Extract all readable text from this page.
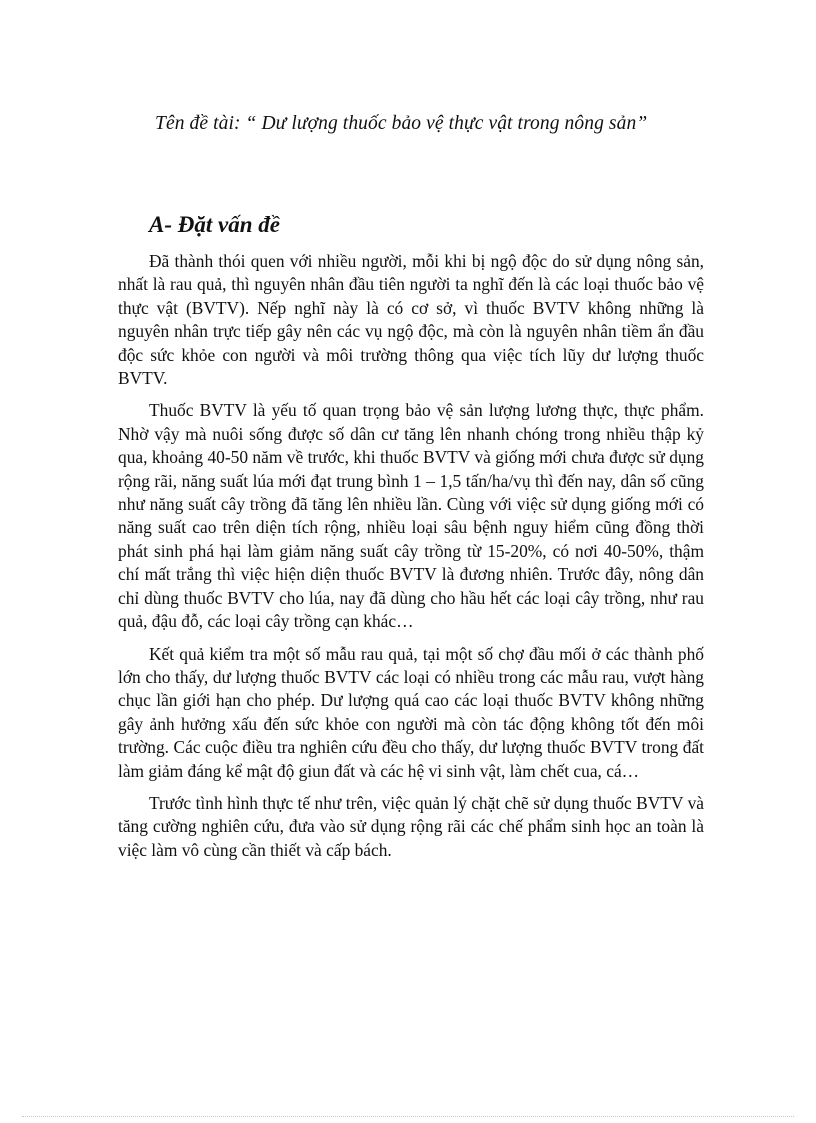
Tên đề tài: “ Dư lượng thuốc bảo vệ thực vật trong nông sản”
A- Đặt vấn đề

Đã thành thói quen với nhiều người, mỗi khi bị ngộ độc do sử dụng nông sản, nhất là rau quả, thì nguyên nhân đầu tiên người ta nghĩ đến là các loại thuốc bảo vệ thực vật (BVTV). Nếp nghĩ này là có cơ sở, vì thuốc BVTV không những là nguyên nhân trực tiếp gây nên các vụ ngộ độc, mà còn là nguyên nhân tiềm ẩn đầu độc sức khỏe con người và môi trường thông qua việc tích lũy dư lượng thuốc BVTV.

Thuốc BVTV là yếu tố quan trọng bảo vệ sản lượng lương thực, thực phẩm. Nhờ vậy mà nuôi sống được số dân cư tăng lên nhanh chóng trong nhiều thập kỷ qua, khoảng 40-50 năm về trước, khi thuốc BVTV và giống mới chưa được sử dụng rộng rãi, năng suất lúa mới đạt trung bình 1 – 1,5 tấn/ha/vụ thì đến nay, dân số cũng như năng suất cây trồng đã tăng lên nhiều lần. Cùng với việc sử dụng giống mới có năng suất cao trên diện tích rộng, nhiều loại sâu bệnh nguy hiểm cũng đồng thời phát sinh phá hại làm giảm năng suất cây trồng từ 15-20%, có nơi 40-50%, thậm chí mất trắng thì việc hiện diện thuốc BVTV là đương nhiên. Trước đây, nông dân chỉ dùng thuốc BVTV cho lúa, nay đã dùng cho hầu hết các loại cây trồng, như rau quả, đậu đỗ, các loại cây trồng cạn khác…

Kết quả kiểm tra một số mẫu rau quả, tại một số chợ đầu mối ở các thành phố lớn cho thấy, dư lượng thuốc BVTV các loại có nhiều trong các mẫu rau, vượt hàng chục lần giới hạn cho phép. Dư lượng quá cao các loại thuốc BVTV không những gây ảnh hưởng xấu đến sức khỏe con người mà còn tác động không tốt đến môi trường. Các cuộc điều tra nghiên cứu đều cho thấy, dư lượng thuốc BVTV trong đất làm giảm đáng kể mật độ giun đất và các hệ vi sinh vật, làm chết cua, cá…

Trước tình hình thực tế như trên, việc quản lý chặt chẽ sử dụng thuốc BVTV và tăng cường nghiên cứu, đưa vào sử dụng rộng rãi các chế phẩm sinh học an toàn là việc làm vô cùng cần thiết và cấp bách.
